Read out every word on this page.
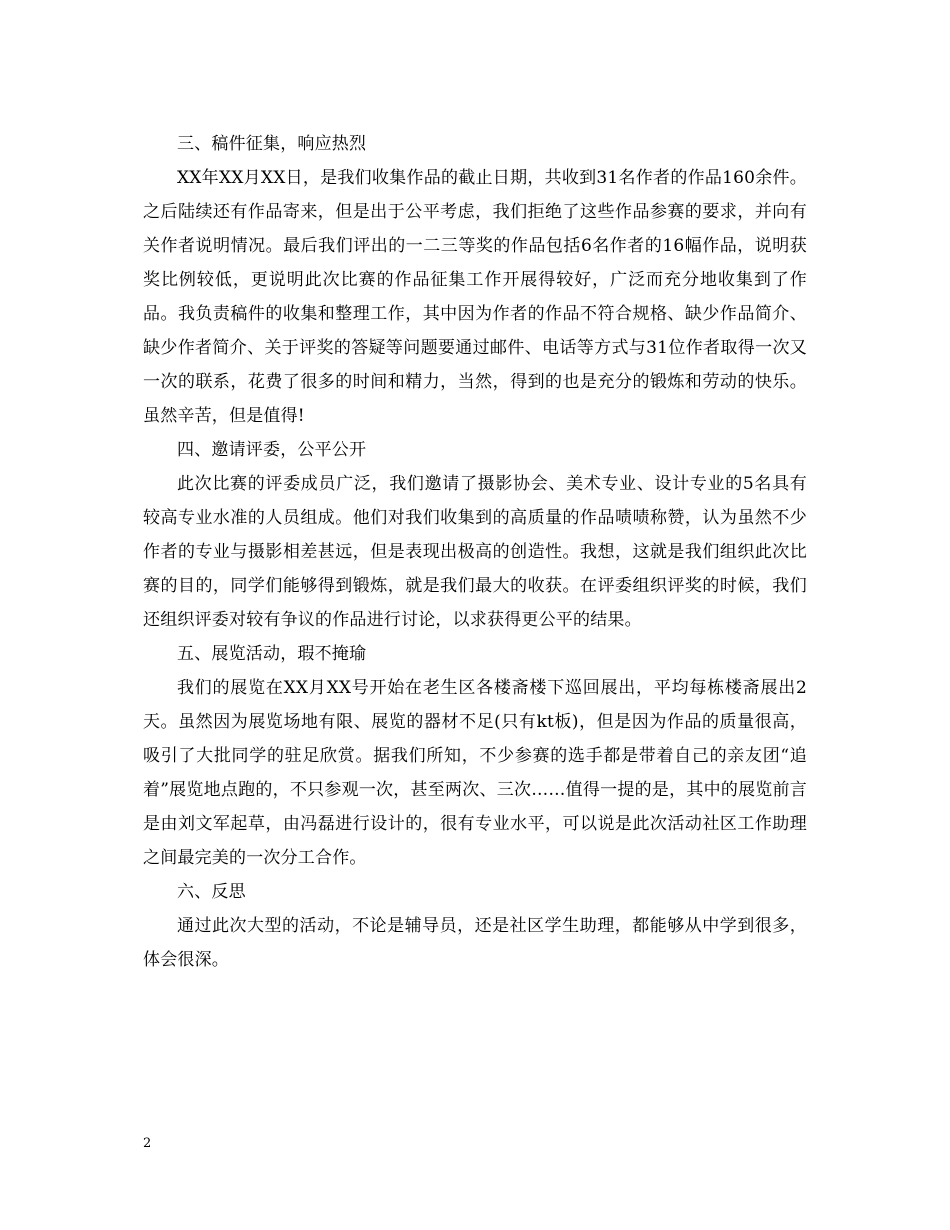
三、稿件征集，响应热烈

XX年XX月XX日，是我们收集作品的截止日期，共收到31名作者的作品160余件。之后陆续还有作品寄来，但是出于公平考虑，我们拒绝了这些作品参赛的要求，并向有关作者说明情况。最后我们评出的一二三等奖的作品包括6名作者的16幅作品，说明获奖比例较低，更说明此次比赛的作品征集工作开展得较好，广泛而充分地收集到了作品。我负责稿件的收集和整理工作，其中因为作者的作品不符合规格、缺少作品简介、缺少作者简介、关于评奖的答疑等问题要通过邮件、电话等方式与31位作者取得一次又一次的联系，花费了很多的时间和精力，当然，得到的也是充分的锻炼和劳动的快乐。虽然辛苦，但是值得!

四、邀请评委，公平公开

此次比赛的评委成员广泛，我们邀请了摄影协会、美术专业、设计专业的5名具有较高专业水准的人员组成。他们对我们收集到的高质量的作品啧啧称赞，认为虽然不少作者的专业与摄影相差甚远，但是表现出极高的创造性。我想，这就是我们组织此次比赛的目的，同学们能够得到锻炼，就是我们最大的收获。在评委组织评奖的时候，我们还组织评委对较有争议的作品进行讨论，以求获得更公平的结果。

五、展览活动，瑕不掩瑜

我们的展览在XX月XX号开始在老生区各楼斋楼下巡回展出，平均每栋楼斋展出2天。虽然因为展览场地有限、展览的器材不足(只有kt板)，但是因为作品的质量很高，吸引了大批同学的驻足欣赏。据我们所知，不少参赛的选手都是带着自己的亲友团“追着”展览地点跑的，不只参观一次，甚至两次、三次……值得一提的是，其中的展览前言是由刘文军起草，由冯磊进行设计的，很有专业水平，可以说是此次活动社区工作助理之间最完美的一次分工合作。

六、反思

通过此次大型的活动，不论是辅导员，还是社区学生助理，都能够从中学到很多，体会很深。

2
